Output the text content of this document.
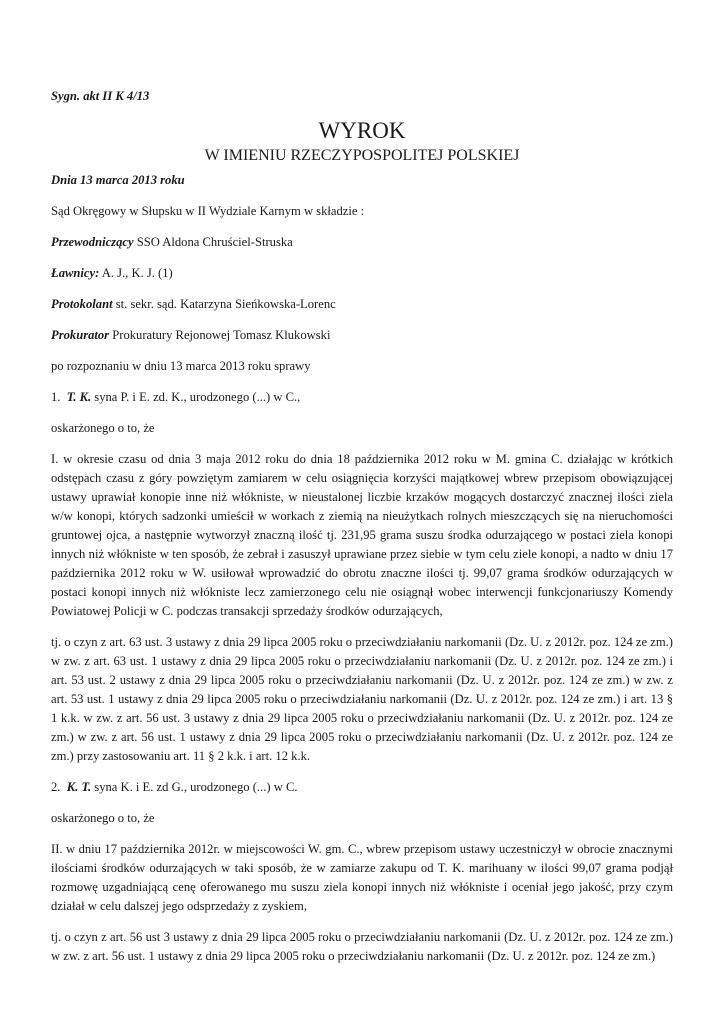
Sygn. akt II K 4/13

WYROK

W IMIENIU RZECZYPOSPOLITEJ POLSKIEJ

Dnia 13 marca 2013 roku

Sąd Okręgowy w Słupsku w II Wydziale Karnym w składzie :

Przewodniczący SSO Aldona Chruściel-Struska

Ławnicy: A. J., K. J. (1)

Protokolant st. sekr. sąd. Katarzyna Sieńkowska-Lorenc

Prokurator Prokuratury Rejonowej Tomasz Klukowski

po rozpoznaniu w dniu 13 marca 2013 roku sprawy

1. T. K. syna P. i E. zd. K., urodzonego (...) w C.,

oskarżonego o to, że

I. w okresie czasu od dnia 3 maja 2012 roku do dnia 18 października 2012 roku w M. gmina C. działając w krótkich odstępach czasu z góry powziętym zamiarem w celu osiągnięcia korzyści majątkowej wbrew przepisom obowiązującej ustawy uprawiał konopie inne niż włókniste, w nieustalonej liczbie krzaków mogących dostarczyć znacznej ilości ziela w/w konopi, których sadzonki umieścił w workach z ziemią na nieużytkach rolnych mieszczących się na nieruchomości gruntowej ojca, a następnie wytworzył znaczną ilość tj. 231,95 grama suszu środka odurzającego w postaci ziela konopi innych niż włókniste w ten sposób, że zebrał i zasuszył uprawiane przez siebie w tym celu ziele konopi, a nadto w dniu 17 października 2012 roku w W. usiłował wprowadzić do obrotu znaczne ilości tj. 99,07 grama środków odurzających w postaci konopi innych niż włókniste lecz zamierzonego celu nie osiągnął wobec interwencji funkcjonariuszy Komendy Powiatowej Policji w C. podczas transakcji sprzedaży środków odurzających,

tj. o czyn z art. 63 ust. 3 ustawy z dnia 29 lipca 2005 roku o przeciwdziałaniu narkomanii (Dz. U. z 2012r. poz. 124 ze zm.) w zw. z art. 63 ust. 1 ustawy z dnia 29 lipca 2005 roku o przeciwdziałaniu narkomanii (Dz. U. z 2012r. poz. 124 ze zm.) i art. 53 ust. 2 ustawy z dnia 29 lipca 2005 roku o przeciwdziałaniu narkomanii (Dz. U. z 2012r. poz. 124 ze zm.) w zw. z art. 53 ust. 1 ustawy z dnia 29 lipca 2005 roku o przeciwdziałaniu narkomanii (Dz. U. z 2012r. poz. 124 ze zm.) i art. 13 § 1 k.k. w zw. z art. 56 ust. 3 ustawy z dnia 29 lipca 2005 roku o przeciwdziałaniu narkomanii (Dz. U. z 2012r. poz. 124 ze zm.) w zw. z art. 56 ust. 1 ustawy z dnia 29 lipca 2005 roku o przeciwdziałaniu narkomanii (Dz. U. z 2012r. poz. 124 ze zm.) przy zastosowaniu art. 11 § 2 k.k. i art. 12 k.k.

2. K. T. syna K. i E. zd G., urodzonego (...) w C.

oskarżonego o to, że

II. w dniu 17 października 2012r. w miejscowości W. gm. C., wbrew przepisom ustawy uczestniczył w obrocie znacznymi ilościami środków odurzających w taki sposób, że w zamiarze zakupu od T. K. marihuany w ilości 99,07 grama podjął rozmowę uzgadniającą cenę oferowanego mu suszu ziela konopi innych niż włókniste i oceniał jego jakość, przy czym działał w celu dalszej jego odsprzedaży z zyskiem,

tj. o czyn z art. 56 ust 3 ustawy z dnia 29 lipca 2005 roku o przeciwdziałaniu narkomanii (Dz. U. z 2012r. poz. 124 ze zm.) w zw. z art. 56 ust. 1 ustawy z dnia 29 lipca 2005 roku o przeciwdziałaniu narkomanii (Dz. U. z 2012r. poz. 124 ze zm.)
